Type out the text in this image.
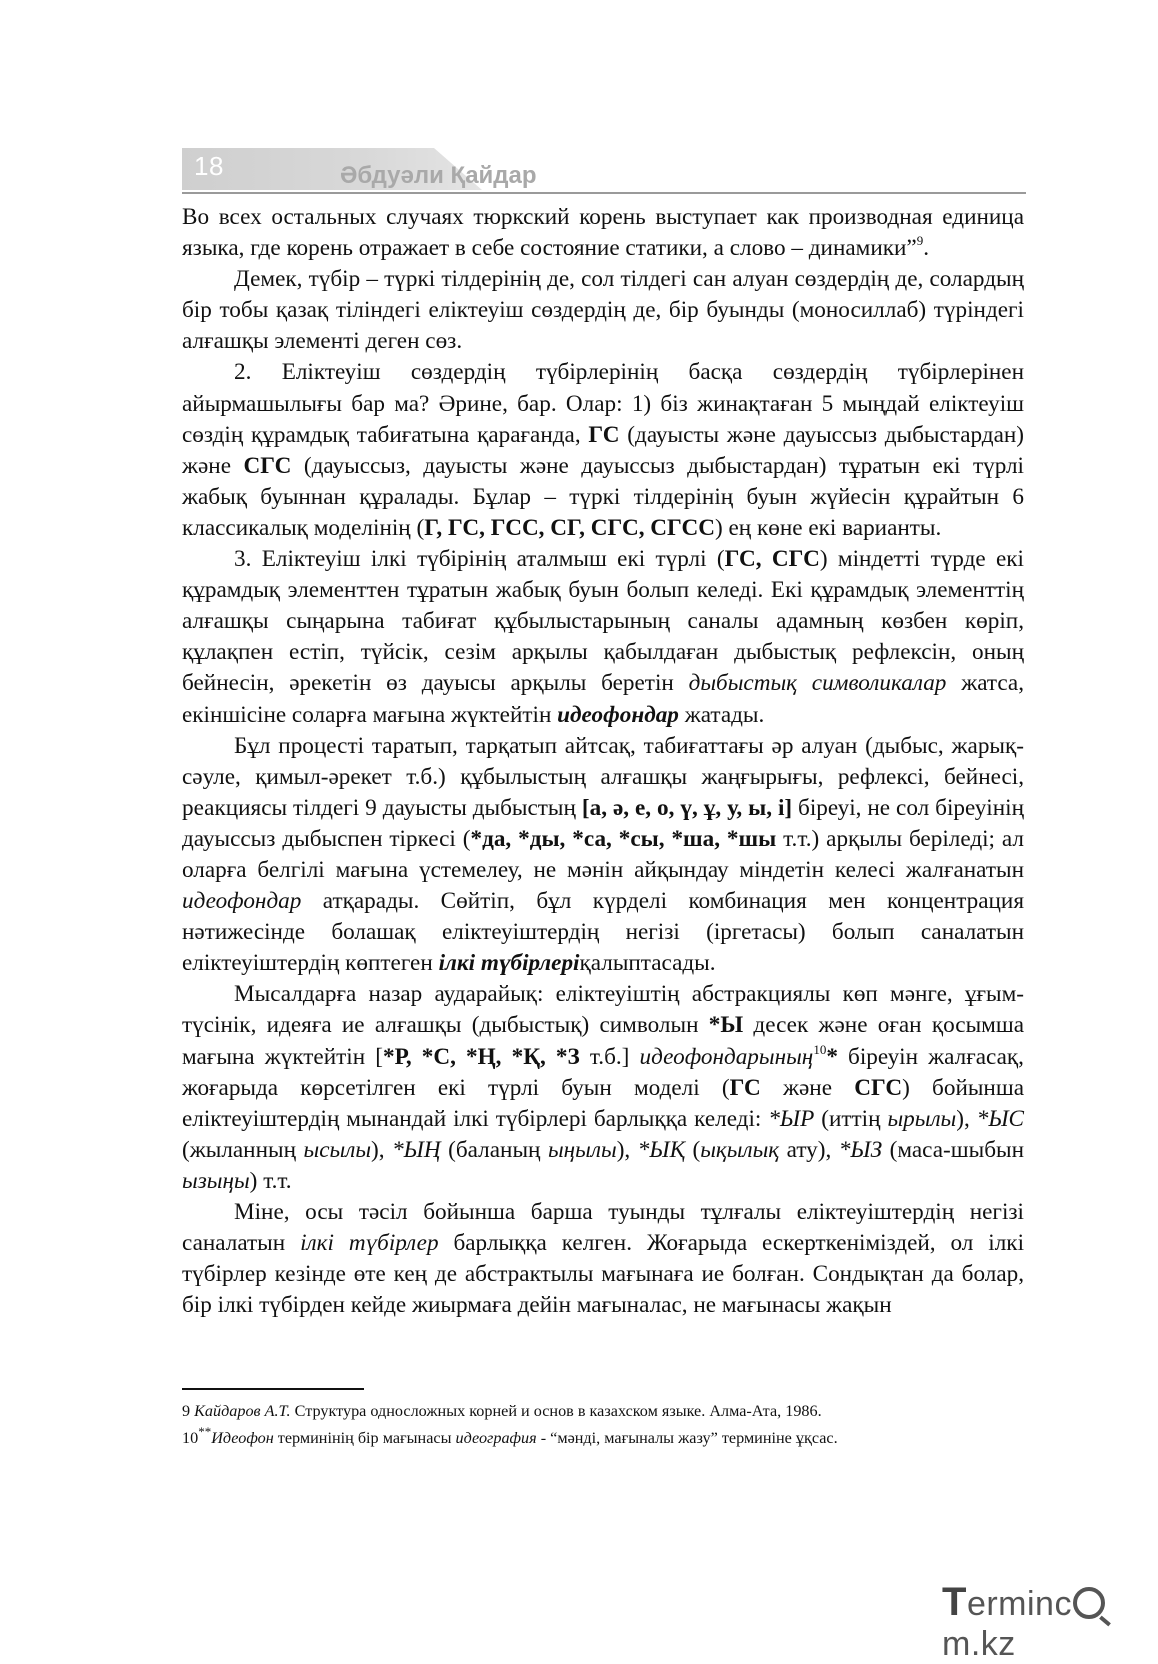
18	Әбдуәли Қайдар

Во всех остальных случаях тюркский корень выступает как производная единица языка, где корень отражает в себе состояние статики, а слово – динамики”$^9$.

Демек, түбір – түркі тілдерінің де, сол тілдегі сан алуан сөздердің де, солардың бір тобы қазақ тіліндегі еліктеуіш сөздердің де, бір буынды (моносиллаб) түріндегі алғашқы элементі деген сөз.

2. Еліктеуіш сөздердің түбірлерінің басқа сөздердің түбірлерінен айырмашылығы бар ма? Әрине, бар. Олар: 1) біз жинақтаған 5 мыңдай еліктеуіш сөздің құрамдық табиғатына қарағанда, ГС (дауысты және дауыссыз дыбыстардан) және СГС (дауыссыз, дауысты және дауыссыз дыбыстардан) тұратын екі түрлі жабық буыннан құралады. Бұлар – түркі тілдерінің буын жүйесін құрайтын 6 классикалық моделінің (Г, ГС, ГСС, СГ, СГС, СГСС) ең көне екі варианты.

3. Еліктеуіш ілкі түбірінің аталмыш екі түрлі (ГС, СГС) міндетті түрде екі құрамдық элементтен тұратын жабық буын болып келеді. Екі құрамдық элементтің алғашқы сыңарына табиғат құбылыстарының саналы адамның көзбен көріп, құлақпен естіп, түйсік, сезім арқылы қабылдаған дыбыстық рефлексін, оның бейнесін, әрекетін өз дауысы арқылы беретін дыбыстық символикалар жатса, екіншісіне соларға мағына жүктейтін идеофондар жатады.

Бұл процесті таратып, тарқатып айтсақ, табиғаттағы әр алуан (дыбыс, жарық-сәуле, қимыл-әрекет т.б.) құбылыстың алғашқы жаңғырығы, рефлексі, бейнесі, реакциясы тілдегі 9 дауысты дыбыстың [а, ә, е, о, ү, ұ, у, ы, і] біреуі, не сол біреуінің дауыссыз дыбыспен тіркесі (*да, *ды, *са, *сы, *ша, *шы т.т.) арқылы беріледі; ал оларға белгілі мағына үстемелеу, не мәнін айқындау міндетін келесі жалғанатын идеофондар атқарады. Сөйтіп, бұл күрделі комбинация мен концентрация нәтижесінде болашақ еліктеуіштердің негізі (іргетасы) болып саналатын еліктеуіштердің көптеген ілкі түбірлеріқалыптасады.

Мысалдарға назар аударайық: еліктеуіштің абстракциялы көп мәнге, ұғым-түсінік, идеяға ие алғашқы (дыбыстық) символын *Ы десек және оған қосымша мағына жүктейтін [*Р, *С, *Ң, *Қ, *З т.б.] идеофондарының$^{10}$* біреуін жалғасақ, жоғарыда көрсетілген екі түрлі буын моделі (ГС және СГС) бойынша еліктеуіштердің мынандай ілкі түбірлері барлыққа келеді: *ЫР (иттің ырылы), *ЫС (жыланның ысылы), *ЫҢ (баланың ыңылы), *ЫҚ (ықылық ату), *ЫЗ (маса-шыбын ызыңы) т.т.

Міне, осы тәсіл бойынша барша туынды тұлғалы еліктеуіштердің негізі саналатын ілкі түбірлер барлыққа келген. Жоғарыда ескерткеніміздей, ол ілкі түбірлер кезінде өте кең де абстрактылы мағынаға ие болған. Сондықтан да болар, бір ілкі түбірден кейде жиырмаға дейін мағыналас, не мағынасы жақын

9 Кайдаров А.Т. Структура односложных корней и основ в казахском языке. Алма-Ата, 1986.

10**Идеофон терминінің бір мағынасы идеография - “мәнді, мағыналы жазу” терминіне ұқсас.

Terminc
m.kz
